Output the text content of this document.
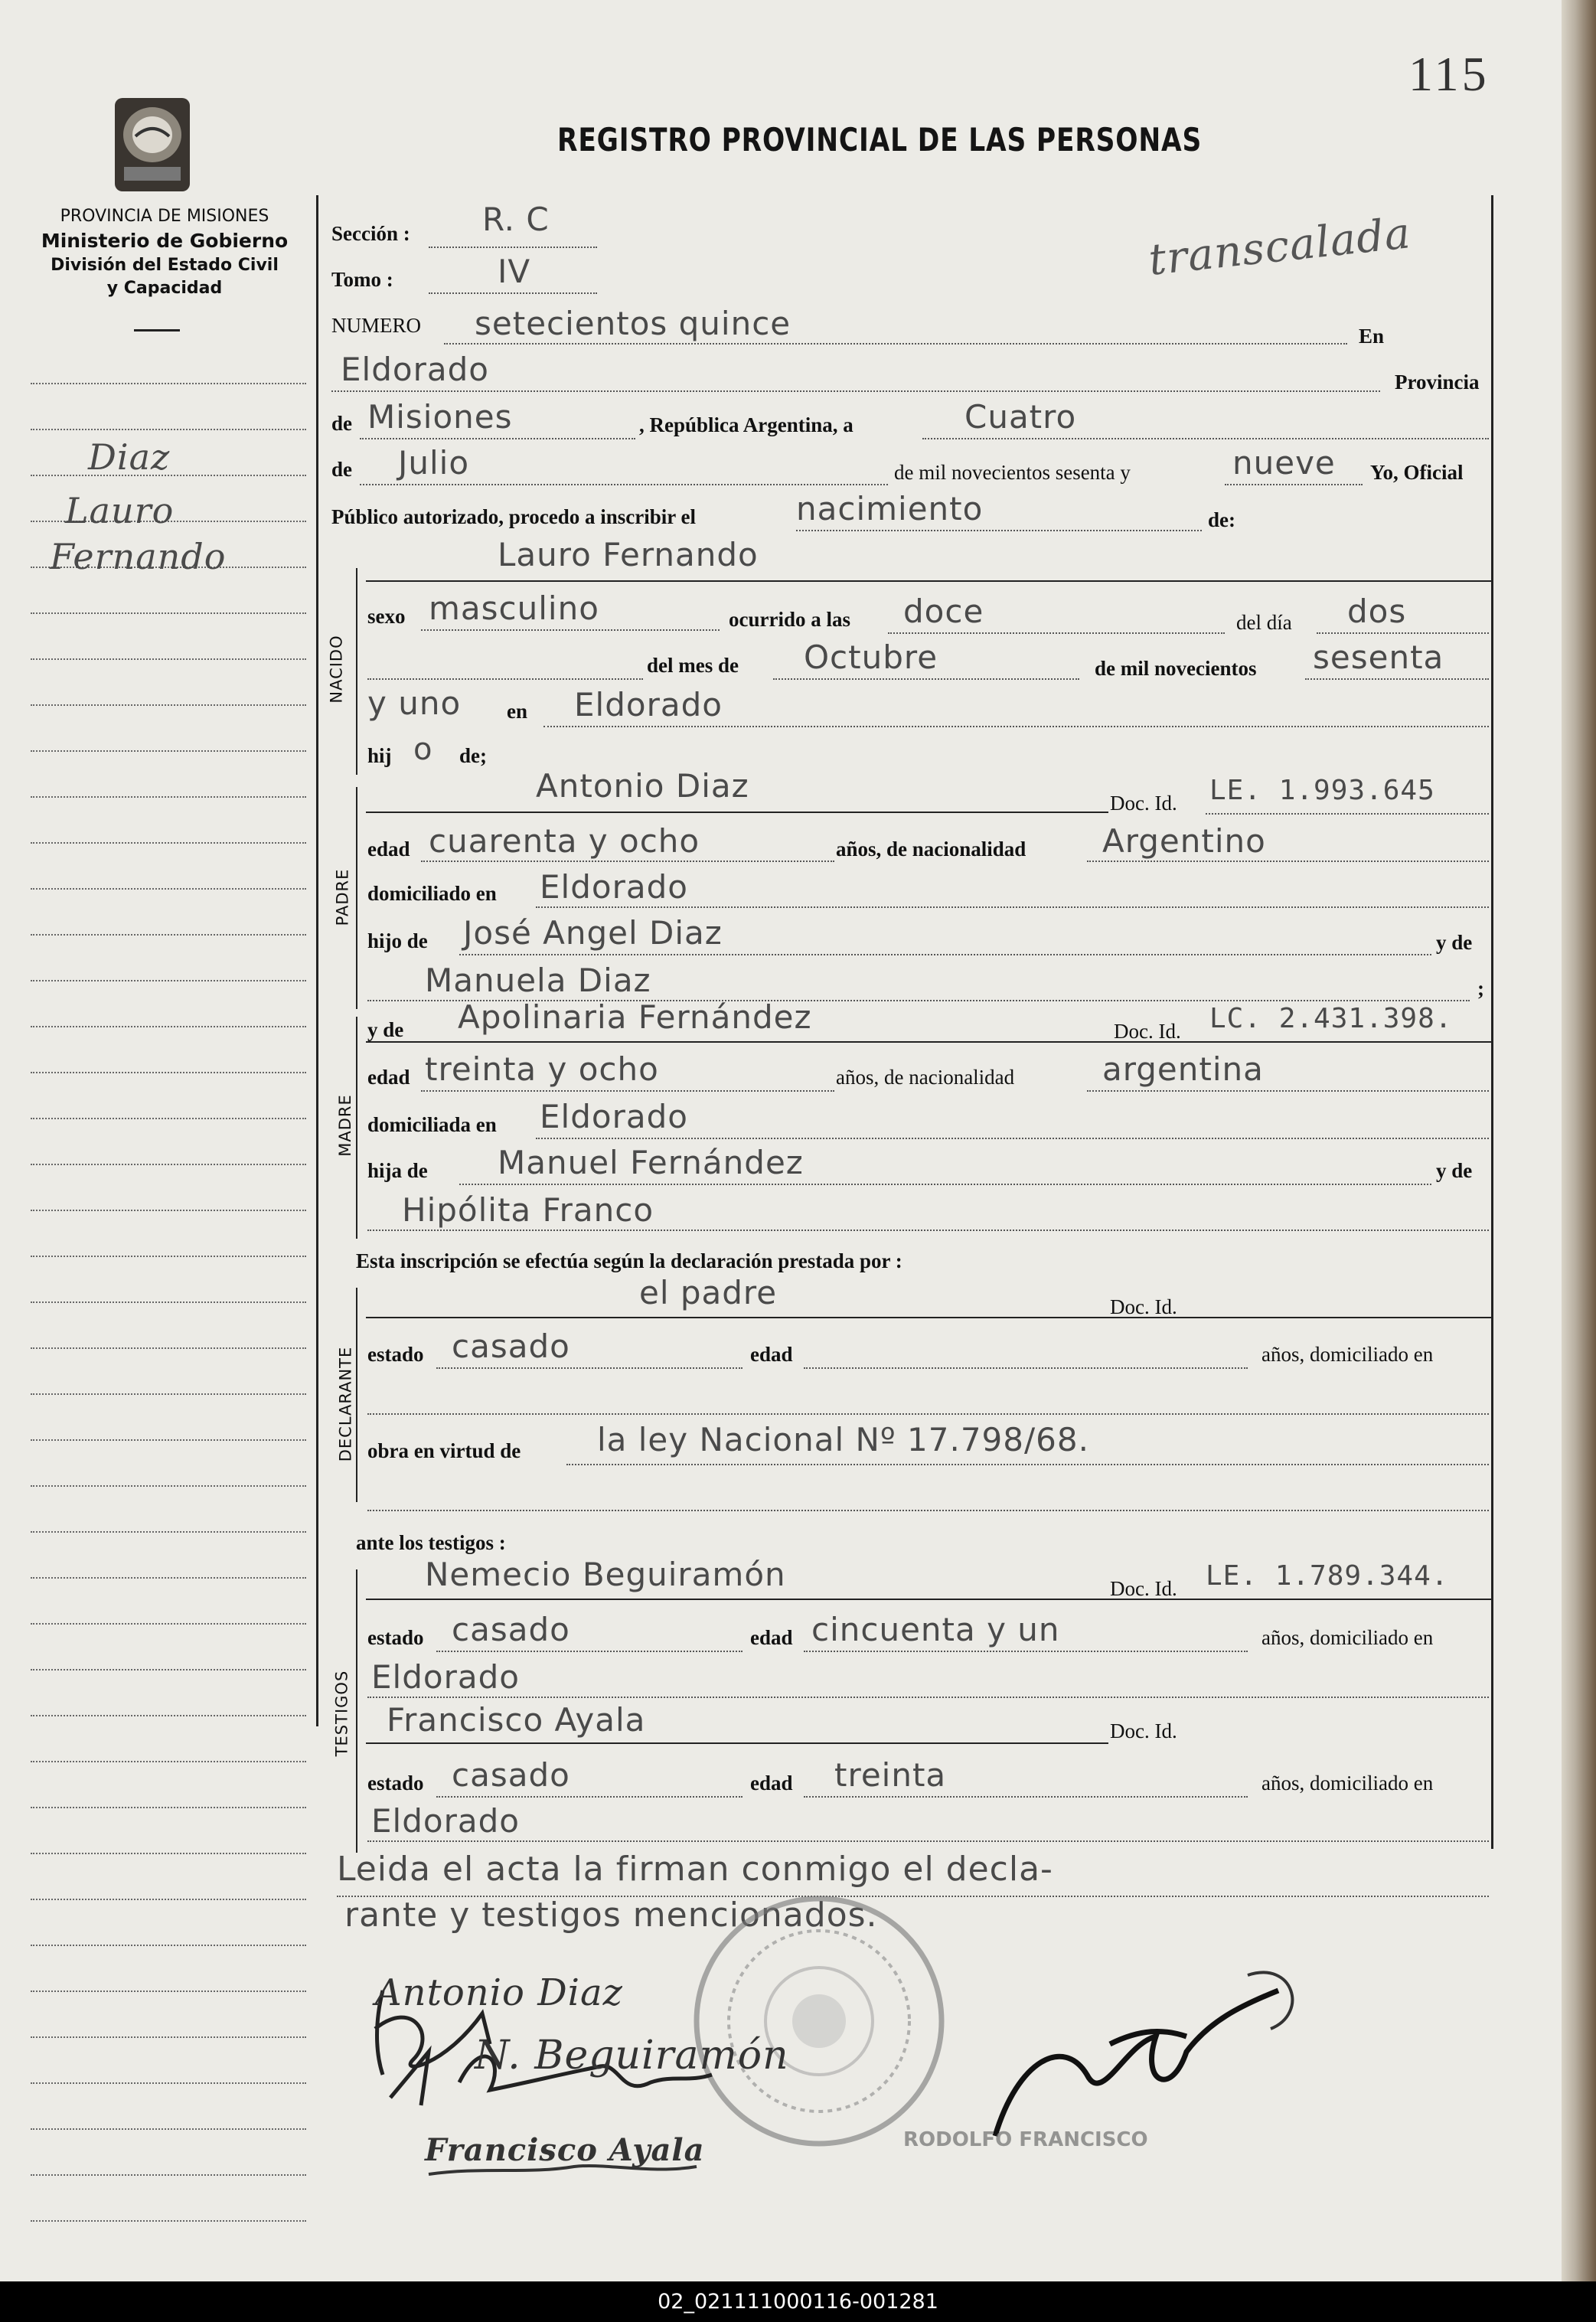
115
REGISTRO PROVINCIAL DE LAS PERSONAS
PROVINCIA DE MISIONES
Ministerio de Gobierno
División del Estado Civil
y Capacidad
Diaz
Lauro
Fernando
transcalada
Sección : R. C
Tomo :	IV
NUMERO setecientos quince	En
Eldorado	Provincia
de Misiones	, República Argentina, a	Cuatro
de Julio	de mil novecientos sesenta y	nueve Yo, Oficial
Público autorizado, procedo a inscribir el	nacimiento	de:
NACIDO
Lauro Fernando
sexo masculino	ocurrido a las doce	del día dos
del mes de Octubre	de mil novecientos sesenta
y uno en Eldorado
hij o de;
PADRE
Antonio Diaz	Doc. Id. LE. 1.993.645
edad cuarenta y ocho	años, de nacionalidad Argentino
domiciliado en Eldorado
hijo de José Angel Diaz	y de
Manuela Diaz	;
MADRE
y de Apolinaria Fernández	Doc. Id. LC. 2.431.398.
edad treinta y ocho	años, de nacionalidad	argentina
domiciliada en Eldorado
hija de Manuel Fernández	y de
Hipólita Franco
Esta inscripción se efectúa según la declaración prestada por :
DECLARANTE
el padre	Doc. Id.
estado casado	edad	años, domiciliado en
obra en virtud de la ley Nacional Nº 17.798/68.
ante los testigos :
TESTIGOS
Nemecio Beguiramón	Doc. Id. LE. 1.789.344.
estado casado	edad cincuenta y un	años, domiciliado en
Eldorado
Francisco Ayala	Doc. Id.
estado casado	edad treinta	años, domiciliado en
Eldorado
Leida el acta la firman conmigo el decla-
rante y testigos mencionados.
Francisco Ayala
N. Beguiramón
Antonio Diaz
RODOLFO FRANCISCO
02_021111000116-001281
